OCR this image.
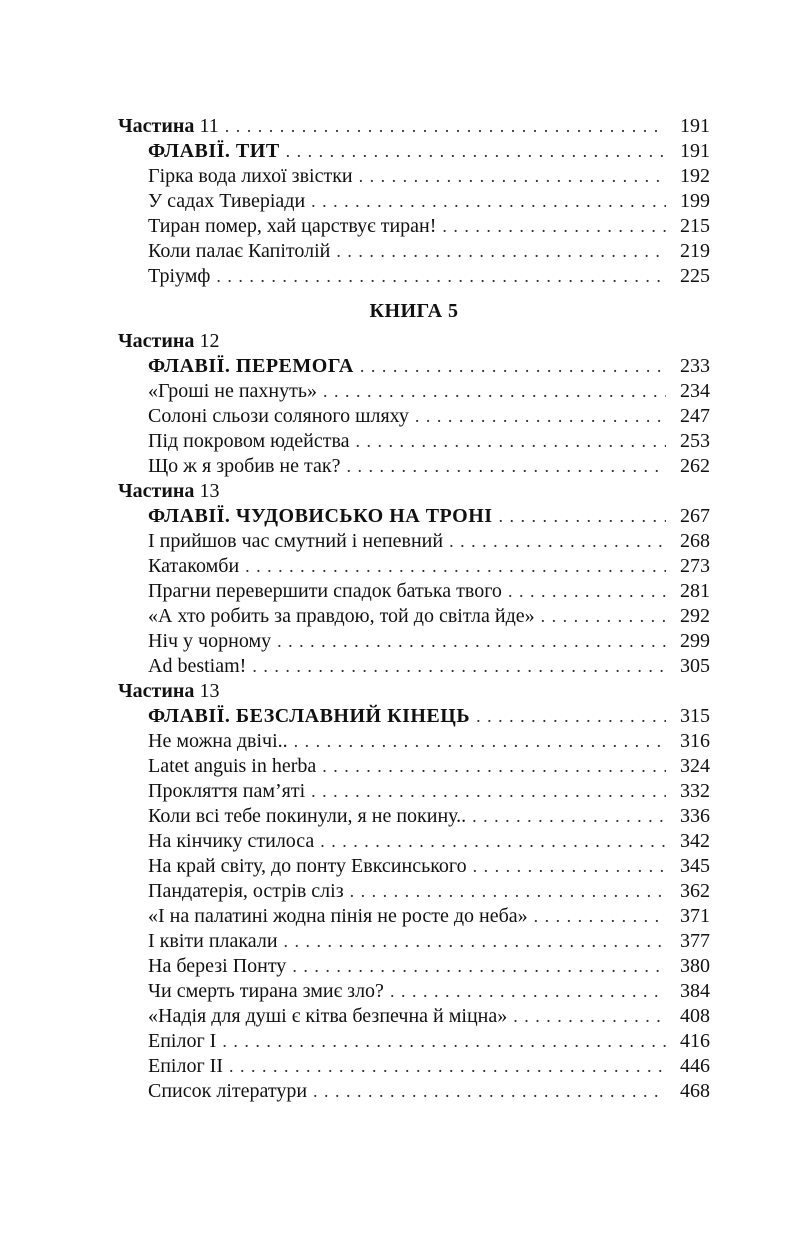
Частина 11 . . .	191
ФЛАВІЇ. ТИТ . . .	191
Гірка вода лихої звістки . . .	192
У садах Тиверіади . . .	199
Тиран помер, хай царствує тиран! . . .	215
Коли палає Капітолій . . .	219
Тріумф . . .	225
КНИГА 5
Частина 12
ФЛАВІЇ. ПЕРЕМОГА . . .	233
«Гроші не пахнуть» . . .	234
Солоні сльози соляного шляху . . .	247
Під покровом юдейства . . .	253
Що ж я зробив не так? . . .	262
Частина 13
ФЛАВІЇ. ЧУДОВИСЬКО НА ТРОНІ . . .	267
І прийшов час смутний і непевний . . .	268
Катакомби . . .	273
Прагни перевершити спадок батька твого . . .	281
«А хто робить за правдою, той до світла йде» . . .	292
Ніч у чорному . . .	299
Ad bestiam! . . .	305
Частина 13
ФЛАВІЇ. БЕЗСЛАВНИЙ КІНЕЦЬ . . .	315
Не можна двічі.. . . .	316
Latet anguis in herba . . .	324
Прокляття пам’яті . . .	332
Коли всі тебе покинули, я не покину.. . . .	336
На кінчику стилоса . . .	342
На край світу, до понту Евксинського . . .	345
Пандатерія, острів сліз . . .	362
«І на палатині жодна пінія не росте до неба» . . .	371
І квіти плакали . . .	377
На березі Понту . . .	380
Чи смерть тирана змиє зло? . . .	384
«Надія для душі є кітва безпечна й міцна» . . .	408
Епілог І . . .	416
Епілог ІІ . . .	446
Список літератури . . .	468
